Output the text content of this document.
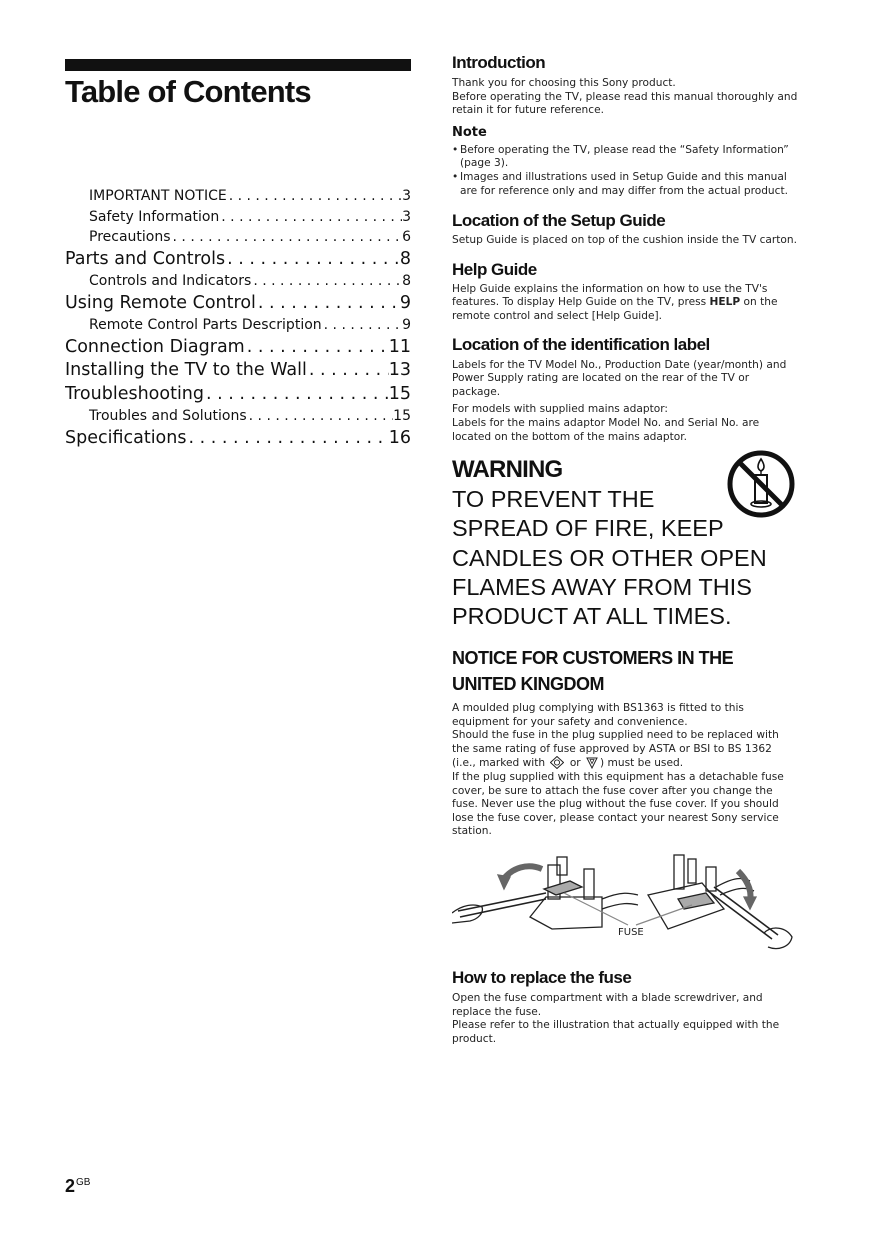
Table of Contents
IMPORTANT NOTICE . . .	3
Safety Information . . .	3
Precautions . . .	6
Parts and Controls . . .	8
Controls and Indicators . . .	8
Using Remote Control . . .	9
Remote Control Parts Description . . .	9
Connection Diagram . . .	11
Installing the TV to the Wall . . .	13
Troubleshooting . . .	15
Troubles and Solutions . . .	15
Specifications . . .	16
$2^{GB}$
Introduction

Thank you for choosing this Sony product.
Before operating the TV, please read this manual thoroughly and retain it for future reference.

Note
• Before operating the TV, please read the “Safety Information” (page 3).
• Images and illustrations used in Setup Guide and this manual are for reference only and may differ from the actual product.
Location of the Setup Guide

Setup Guide is placed on top of the cushion inside the TV carton.

Help Guide

Help Guide explains the information on how to use the TV's features. To display Help Guide on the TV, press HELP on the remote control and select [Help Guide].

Location of the identification label

Labels for the TV Model No., Production Date (year/month) and Power Supply rating are located on the rear of the TV or package.

For models with supplied mains adaptor:
Labels for the mains adaptor Model No. and Serial No. are located on the bottom of the mains adaptor.

WARNING
TO PREVENT THE
SPREAD OF FIRE, KEEP
CANDLES OR OTHER OPEN
FLAMES AWAY FROM THIS
PRODUCT AT ALL TIMES.
NOTICE FOR CUSTOMERS IN THE UNITED KINGDOM

A moulded plug complying with BS1363 is fitted to this equipment for your safety and convenience.
Should the fuse in the plug supplied need to be replaced with the same rating of fuse approved by ASTA or BSI to BS 1362 (i.e., marked with  or ) must be used.
If the plug supplied with this equipment has a detachable fuse cover, be sure to attach the fuse cover after you change the fuse. Never use the plug without the fuse cover. If you should lose the fuse cover, please contact your nearest Sony service station.

FUSE
How to replace the fuse

Open the fuse compartment with a blade screwdriver, and replace the fuse.
Please refer to the illustration that actually equipped with the product.
